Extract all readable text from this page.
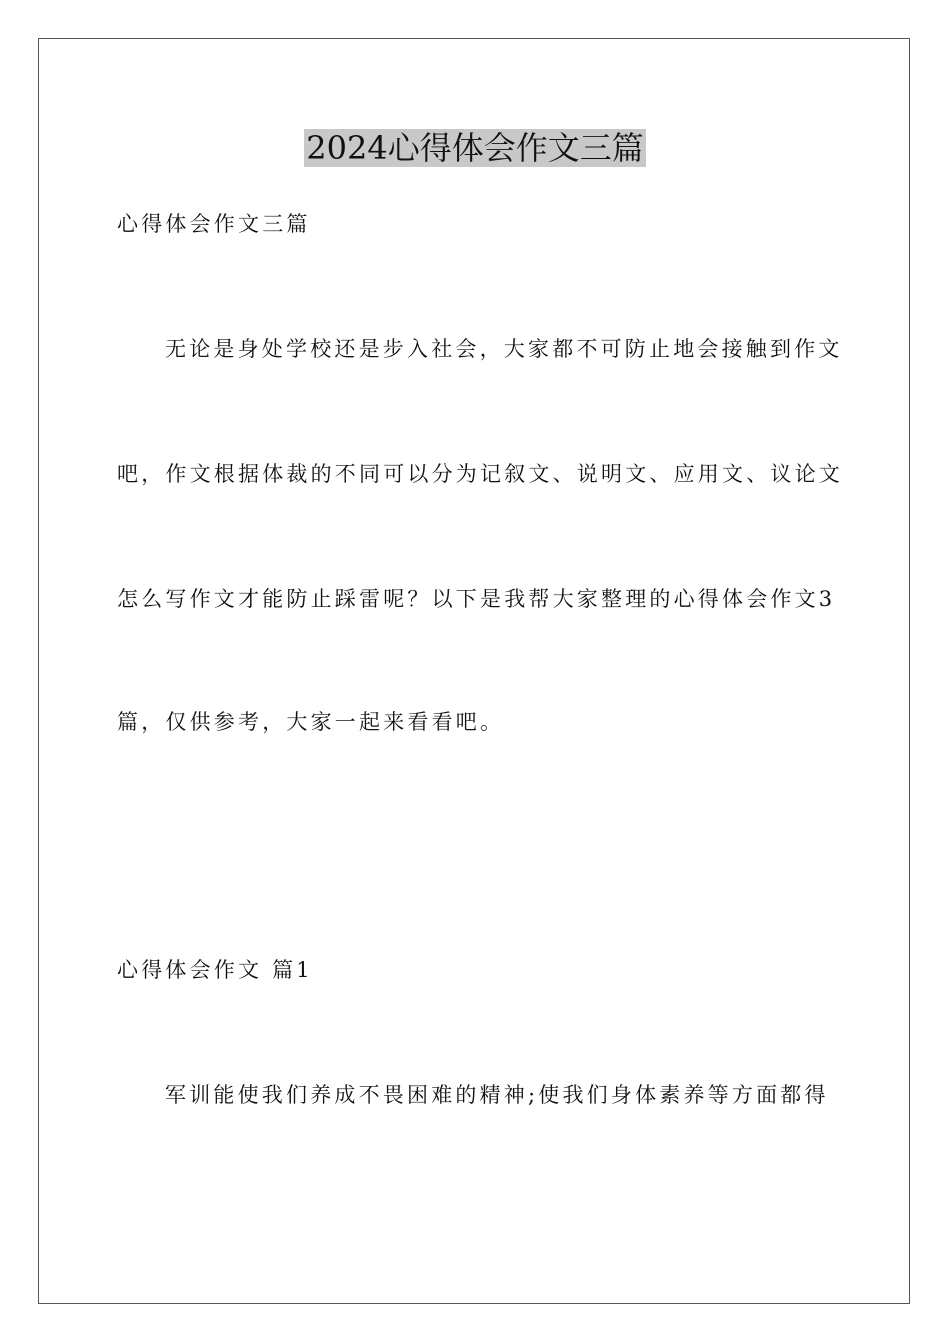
2024心得体会作文三篇
心得体会作文三篇
无论是身处学校还是步入社会，大家都不可防止地会接触到作文
吧，作文根据体裁的不同可以分为记叙文、说明文、应用文、议论文
怎么写作文才能防止踩雷呢？以下是我帮大家整理的心得体会作文3
篇，仅供参考，大家一起来看看吧。
心得体会作文 篇1
军训能使我们养成不畏困难的精神;使我们身体素养等方面都得
